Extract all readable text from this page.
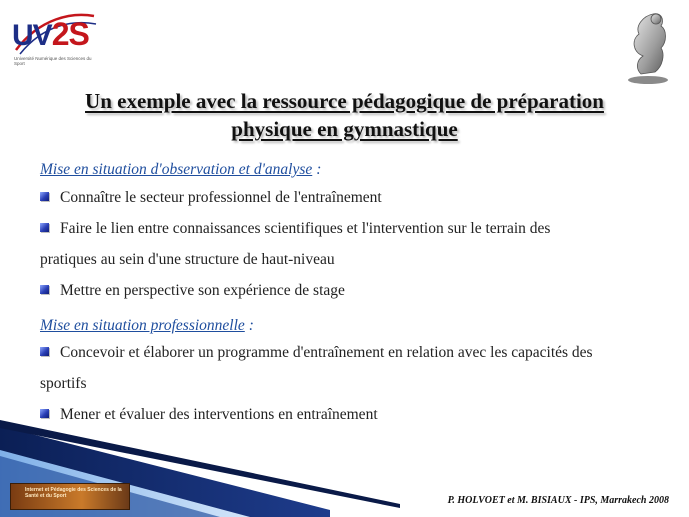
UV2S
Université Numérique des Sciences du Sport
Un exemple avec la ressource pédagogique de préparation
physique en gymnastique
Mise en situation d'observation et d'analyse :
Connaître le secteur professionnel de l'entraînement
Faire le lien entre connaissances scientifiques et l'intervention sur le terrain des
pratiques au sein d'une structure de haut-niveau
Mettre en perspective son expérience de stage
Mise en situation professionnelle :
Concevoir et élaborer un programme d'entraînement en relation avec les capacités des
sportifs
Mener et évaluer des interventions en entraînement
Internet et Pédagogie des Sciences de la Santé et du Sport	P. HOLVOET et M. BISIAUX - IPS, Marrakech 2008
